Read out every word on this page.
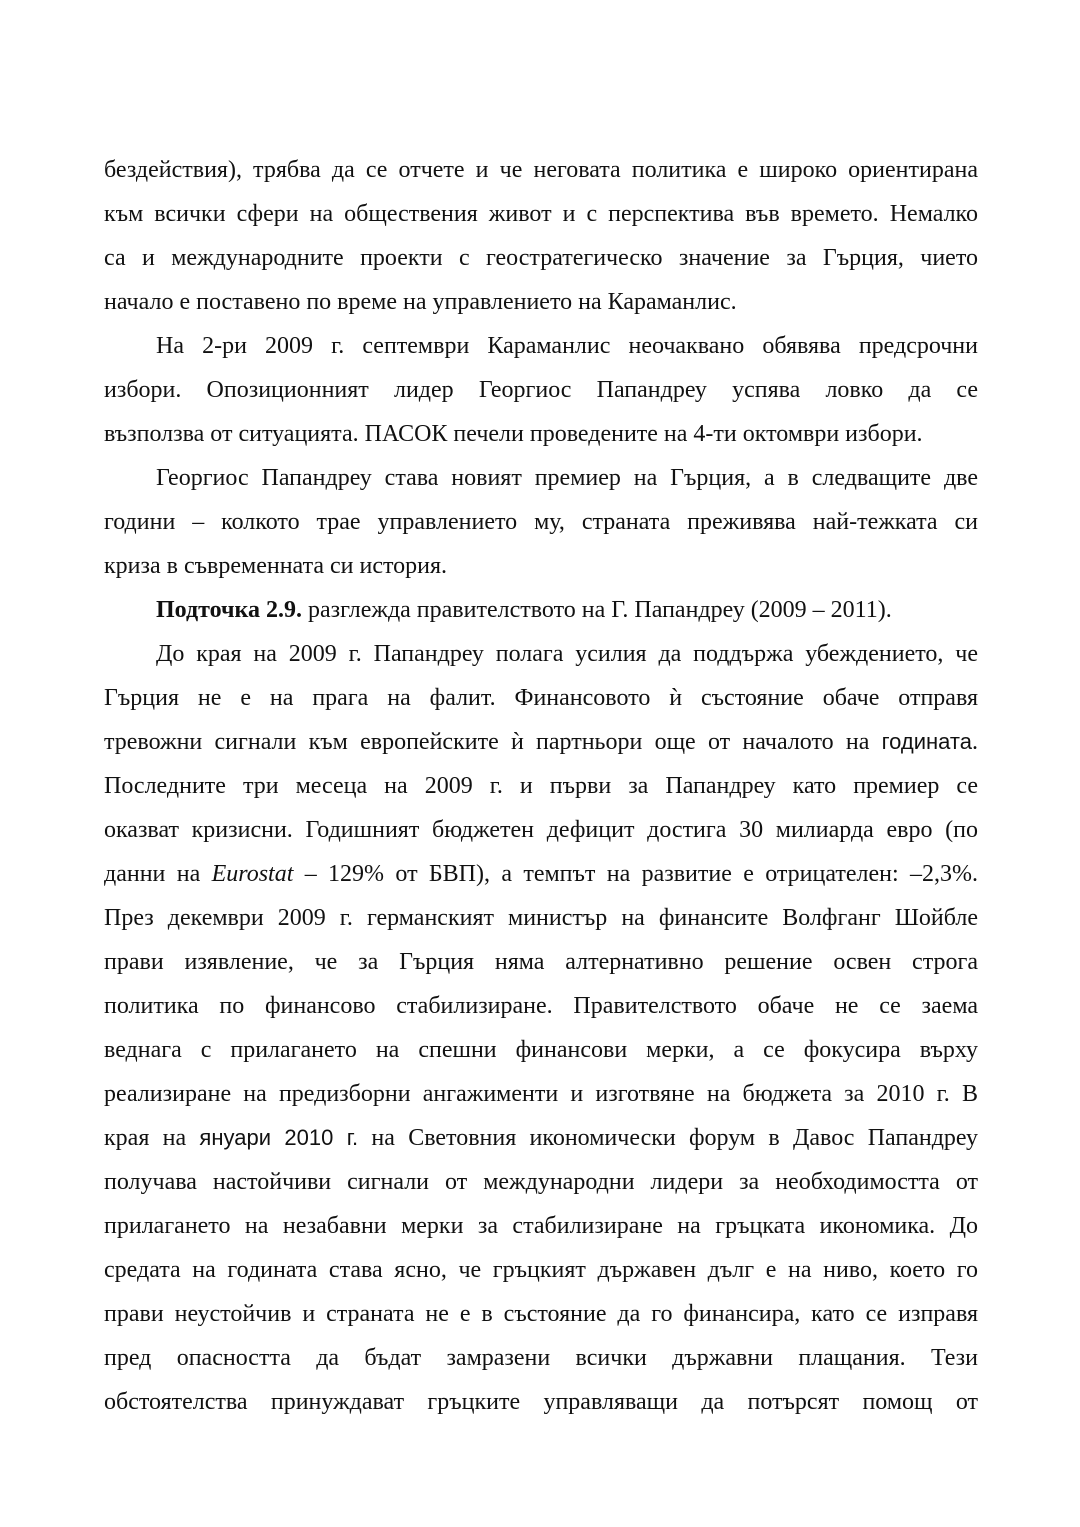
бездействия), трябва да се отчете и че неговата политика е широко ориентирана
към всички сфери на обществения живот и с перспектива във времето. Немалко
са и международните проекти с геостратегическо значение за Гърция, чието
начало е поставено по време на управлението на Караманлис.
На 2-ри 2009 г. септември Караманлис неочаквано обявява предсрочни
избори. Опозиционният лидер Георгиос Папандреу успява ловко да се
възползва от ситуацията. ПАСОК печели проведените на 4-ти октомври избори.
Георгиос Папандреу става новият премиер на Гърция, а в следващите две
години – колкото трае управлението му, страната преживява най-тежката си
криза в съвременната си история.
Подточка 2.9. разглежда правителството на Г. Папандреу (2009 – 2011).
До края на 2009 г. Папандреу полага усилия да поддържа убеждението, че
Гърция не е на прага на фалит. Финансовото ѝ състояние обаче отправя
тревожни сигнали към европейските ѝ партньори още от началото на годината.
Последните три месеца на 2009 г. и първи за Папандреу като премиер се
оказват кризисни. Годишният бюджетен дефицит достига 30 милиарда евро (по
данни на Eurostat – 129% от БВП), а темпът на развитие е отрицателен: –2,3%.
През декември 2009 г. германският министър на финансите Волфганг Шойбле
прави изявление, че за Гърция няма алтернативно решение освен строга
политика по финансово стабилизиране. Правителството обаче не се заема
веднага с прилагането на спешни финансови мерки, а се фокусира върху
реализиране на предизборни ангажименти и изготвяне на бюджета за 2010 г. В
края на януари 2010 г. на Световния икономически форум в Давос Папандреу
получава настойчиви сигнали от международни лидери за необходимостта от
прилагането на незабавни мерки за стабилизиране на гръцката икономика. До
средата на годината става ясно, че гръцкият държавен дълг е на ниво, което го
прави неустойчив и страната не е в състояние да го финансира, като се изправя
пред опасността да бъдат замразени всички държавни плащания. Тези
обстоятелства принуждават гръцките управляващи да потърсят помощ от
